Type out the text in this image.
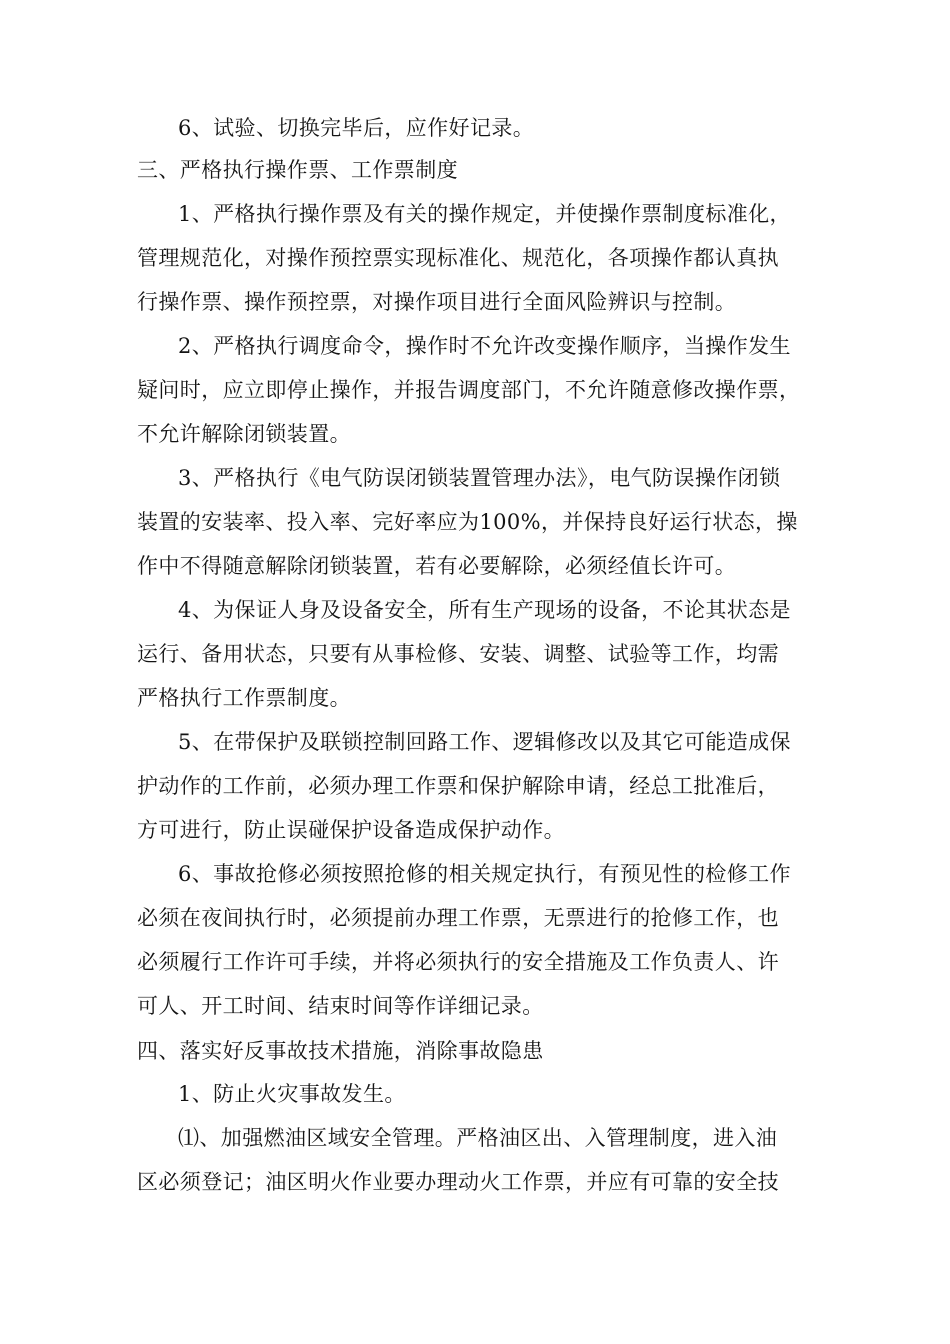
6、试验、切换完毕后，应作好记录。
三、严格执行操作票、工作票制度
1、严格执行操作票及有关的操作规定，并使操作票制度标准化，
管理规范化，对操作预控票实现标准化、规范化，各项操作都认真执
行操作票、操作预控票，对操作项目进行全面风险辨识与控制。
2、严格执行调度命令，操作时不允许改变操作顺序，当操作发生
疑问时，应立即停止操作，并报告调度部门，不允许随意修改操作票，
不允许解除闭锁装置。
3、严格执行《电气防误闭锁装置管理办法》，电气防误操作闭锁
装置的安装率、投入率、完好率应为100%，并保持良好运行状态，操
作中不得随意解除闭锁装置，若有必要解除，必须经值长许可。
4、为保证人身及设备安全，所有生产现场的设备，不论其状态是
运行、备用状态，只要有从事检修、安装、调整、试验等工作，均需
严格执行工作票制度。
5、在带保护及联锁控制回路工作、逻辑修改以及其它可能造成保
护动作的工作前，必须办理工作票和保护解除申请，经总工批准后，
方可进行，防止误碰保护设备造成保护动作。
6、事故抢修必须按照抢修的相关规定执行，有预见性的检修工作
必须在夜间执行时，必须提前办理工作票，无票进行的抢修工作，也
必须履行工作许可手续，并将必须执行的安全措施及工作负责人、许
可人、开工时间、结束时间等作详细记录。
四、落实好反事故技术措施，消除事故隐患
1、防止火灾事故发生。
⑴、加强燃油区域安全管理。严格油区出、入管理制度，进入油
区必须登记；油区明火作业要办理动火工作票，并应有可靠的安全技
